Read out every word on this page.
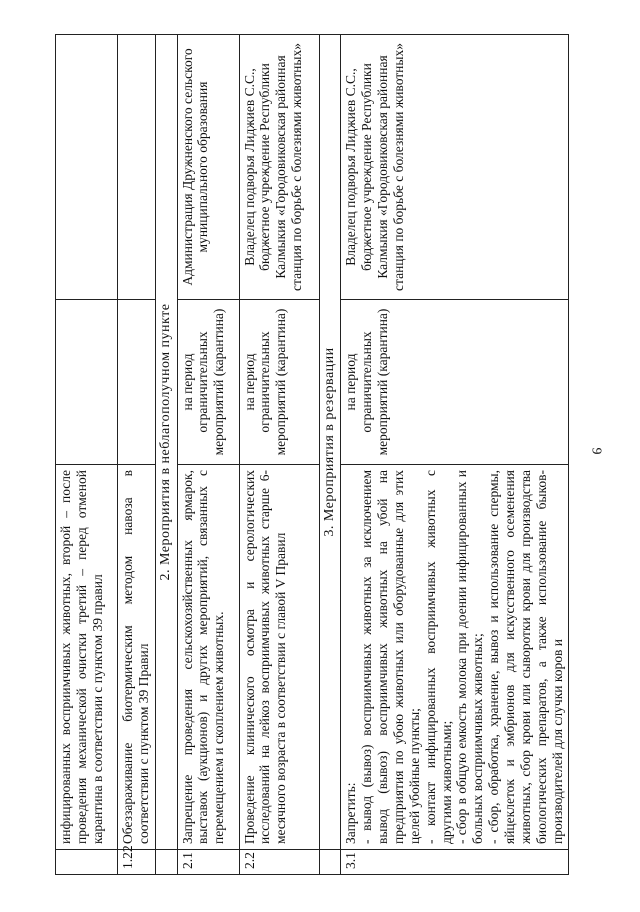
9
	инфицированных восприимчивых животных, второй – после проведения механической очистки третий – перед отменой карантина в соответствии с пунктом 39 правил		
1.22	Обеззараживание биотермическим методом навоза в соответствии с пунктом 39 Правил		
	2. Мероприятия в неблагополучном пункте		
2.1	Запрещение проведения сельскохозяйственных ярмарок, выставок (аукционов) и других мероприятий, связанных с перемещением и скоплением животных.	на период ограничительных мероприятий (карантина)	Администрация Дружненского сельского муниципального образования
2.2	Проведение клинического осмотра и серологических исследований на лейкоз восприимчивых животных старше 6-месячного возраста в соответствии с главой V Правил	на период ограничительных мероприятий (карантина)	Владелец подворья Лиджиев С.С., бюджетное учреждение Республики Калмыкия «Городовиковская районная станция по борьбе с болезнями животных»
	3. Мероприятия в резервации		
3.1	Запретить: - вывод (вывоз) восприимчивых животных за исключением вывод (вывоз) восприимчивых животных на убой на предприятия по убою животных или оборудованные для этих целей убойные пункты; - контакт инфицированных восприимчивых животных с другими животными; - сбор в общую емкость молока при доении инфицированных и больных восприимчивых животных; - сбор, обработка, хранение, вывоз и использование спермы, яйцеклеток и эмбрионов для искусственного осеменения животных, сбор крови или сыворотки крови для производства биологических препаратов, а также использование быков-производителей для случки коров и	на период ограничительных мероприятий (карантина)	Владелец подворья Лиджиев С.С., бюджетное учреждение Республики Калмыкия «Городовиковская районная станция по борьбе с болезнями животных»
